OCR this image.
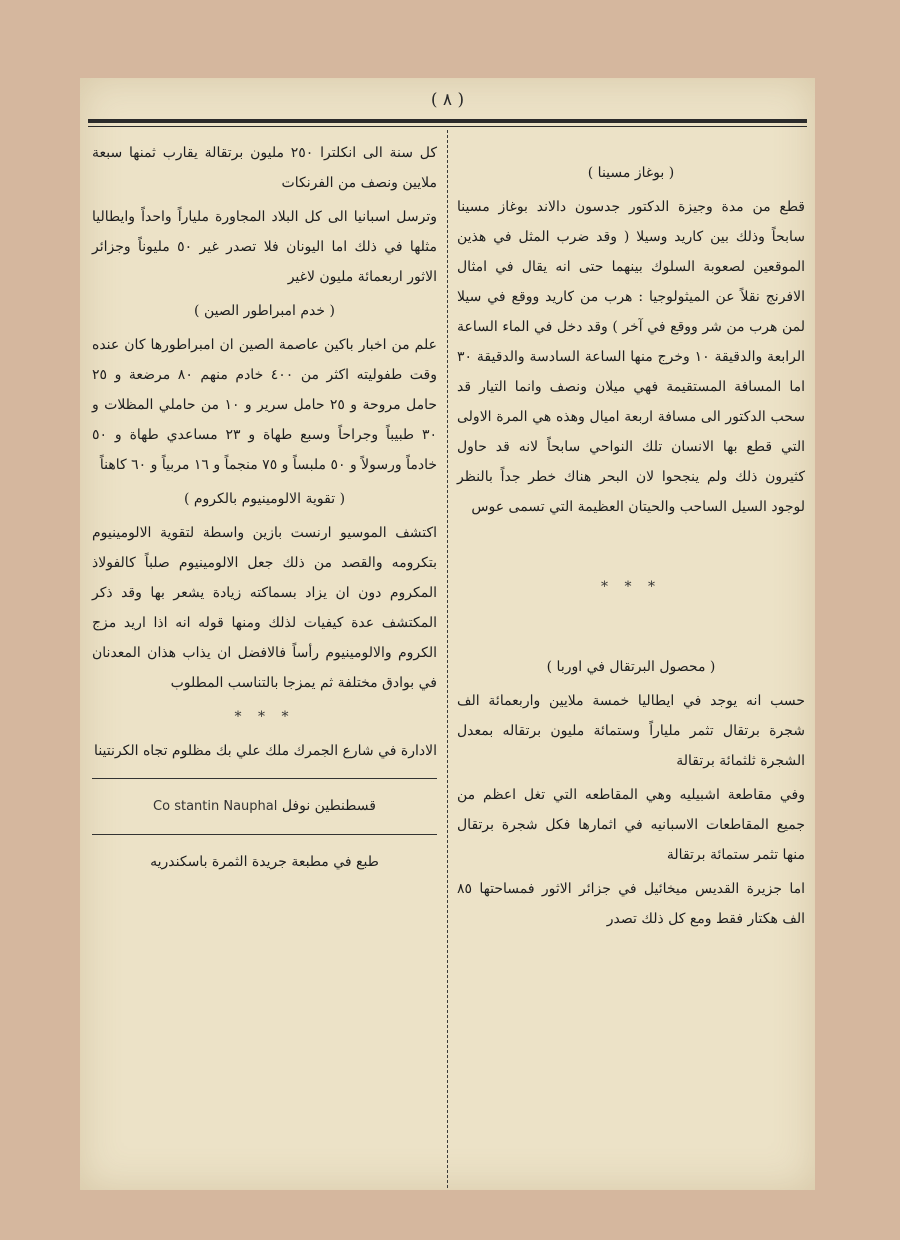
( ٨ )

( بوغاز مسينا )

قطع من مدة وجيزة الدكتور جدسون دالاند بوغاز مسينا سابحاً وذلك بين كاريد وسيلا ( وقد ضرب المثل في هذين الموقعين لصعوبة السلوك بينهما حتى انه يقال في امثال الافرنج نقلاً عن الميثولوجيا : هرب من كاريد ووقع في سيلا لمن هرب من شر ووقع في آخر ) وقد دخل في الماء الساعة الرابعة والدقيقة ١٠ وخرج منها الساعة السادسة والدقيقة ٣٠ اما المسافة المستقيمة فهي ميلان ونصف وانما التيار قد سحب الدكتور الى مسافة اربعة اميال وهذه هي المرة الاولى التي قطع بها الانسان تلك النواحي سابحاً لانه قد حاول كثيرون ذلك ولم ينجحوا لان البحر هناك خطر جداً بالنظر لوجود السيل الساحب والحيتان العظيمة التي تسمى عوس

* * *

( محصول البرتقال في اوربا )

حسب انه يوجد في ايطاليا خمسة ملايين واربعمائة الف شجرة برتقال تثمر ملياراً وستمائة مليون برتقاله بمعدل الشجرة ثلثمائة برتقالة

وفي مقاطعة اشبيليه وهي المقاطعه التي تغل اعظم من جميع المقاطعات الاسبانيه في اثمارها فكل شجرة برتقال منها تثمر ستمائة برتقالة

اما جزيرة القديس ميخائيل في جزائر الاثور فمساحتها ٨٥ الف هكتار فقط ومع كل ذلك تصدر

كل سنة الى انكلترا ٢٥٠ مليون برتقالة يقارب ثمنها سبعة ملايين ونصف من الفرنكات

وترسل اسبانيا الى كل البلاد المجاورة ملياراً واحداً وايطاليا مثلها في ذلك اما اليونان فلا تصدر غير ٥٠ مليوناً وجزائر الاثور اربعمائة مليون لاغير

( خدم امبراطور الصين )

علم من اخبار باكين عاصمة الصين ان امبراطورها كان عنده وقت طفوليته اكثر من ٤٠٠ خادم منهم ٨٠ مرضعة و ٢٥ حامل مروحة و ٢٥ حامل سرير و ١٠ من حاملي المظلات و ٣٠ طبيباً وجراحاً وسبع طهاة و ٢٣ مساعدي طهاة و ٥٠ خادماً ورسولاً و ٥٠ ملبساً و ٧٥ منجماً و ١٦ مربياً و ٦٠ كاهناً

( تقوية الالومينيوم بالكروم )

اكتشف الموسيو ارنست بازين واسطة لتقوية الالومينيوم بتكرومه والقصد من ذلك جعل الالومينيوم صلباً كالفولاذ المكروم دون ان يزاد بسماكته زيادة يشعر بها وقد ذكر المكتشف عدة كيفيات لذلك ومنها قوله انه اذا اريد مزج الكروم والالومينيوم رأساً فالافضل ان يذاب هذان المعدنان في بوادق مختلفة ثم يمزجا بالتناسب المطلوب

* * *

الادارة في شارع الجمرك ملك علي بك مظلوم تجاه الكرنتينا

قسطنطين نوفل Co stantin Nauphal

طبع في مطبعة جريدة الثمرة باسكندريه
